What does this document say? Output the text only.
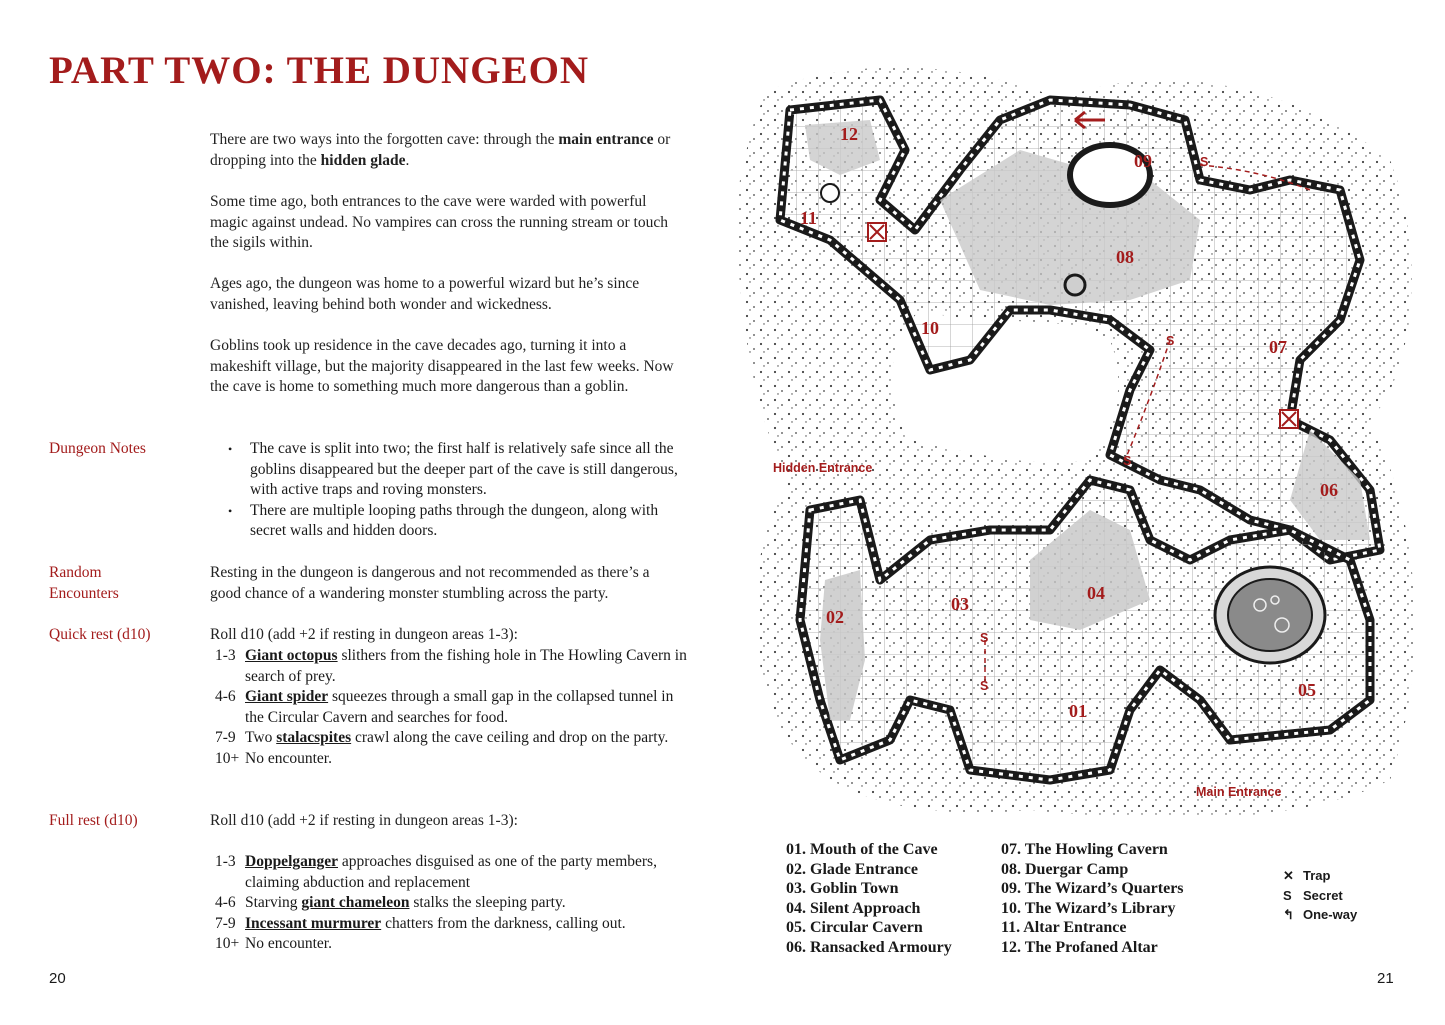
PART TWO: THE DUNGEON

There are two ways into the forgotten cave: through the main entrance or dropping into the hidden glade.

Some time ago, both entrances to the cave were warded with powerful magic against undead. No vampires can cross the running stream or touch the sigils within.
Ages ago, the dungeon was home to a powerful wizard but he’s since vanished, leaving behind both wonder and wickedness.
Goblins took up residence in the cave decades ago, turning it into a makeshift village, but the majority disappeared in the last few weeks. Now the cave is home to something much more dangerous than a goblin.
Dungeon Notes
•	The cave is split into two; the first half is relatively safe since all the goblins disappeared but the deeper part of the cave is still dangerous, with active traps and roving monsters.
• There are multiple looping paths through the dungeon, along with secret walls and hidden doors.
Random
Encounters
Resting in the dungeon is dangerous and not recommended as there’s a good chance of a wandering monster stumbling across the party.
Quick rest (d10)	Roll d10 (add +2 if resting in dungeon areas 1-3):
1-3 Giant octopus slithers from the fishing hole in The Howling Cavern in search of prey.
4-6 Giant spider squeezes through a small gap in the collapsed tunnel in the Circular Cavern and searches for food.
7-9 Two stalacspites crawl along the cave ceiling and drop on the party.
10+ No encounter.
Full rest (d10)	Roll d10 (add +2 if resting in dungeon areas 1-3):
1-3 Doppelganger approaches disguised as one of the party members, claiming abduction and replacement
4-6 Starving giant chameleon stalks the sleeping party.
7-9 Incessant murmurer chatters from the darkness, calling out.
10+ No encounter.
20
S
S
S
S
S
01
02
03
04
05
06
07
08
09
10
11
12
Hidden Entrance
Main Entrance
01. Mouth of the Cave
02. Glade Entrance
03. Goblin Town
04. Silent Approach
05. Circular Cavern
06. Ransacked Armoury
07. The Howling Cavern
08. Duergar Camp
09. The Wizard’s Quarters
10. The Wizard’s Library
11. Altar Entrance
12. The Profaned Altar
✕ Trap
S Secret
↰ One-way
21
